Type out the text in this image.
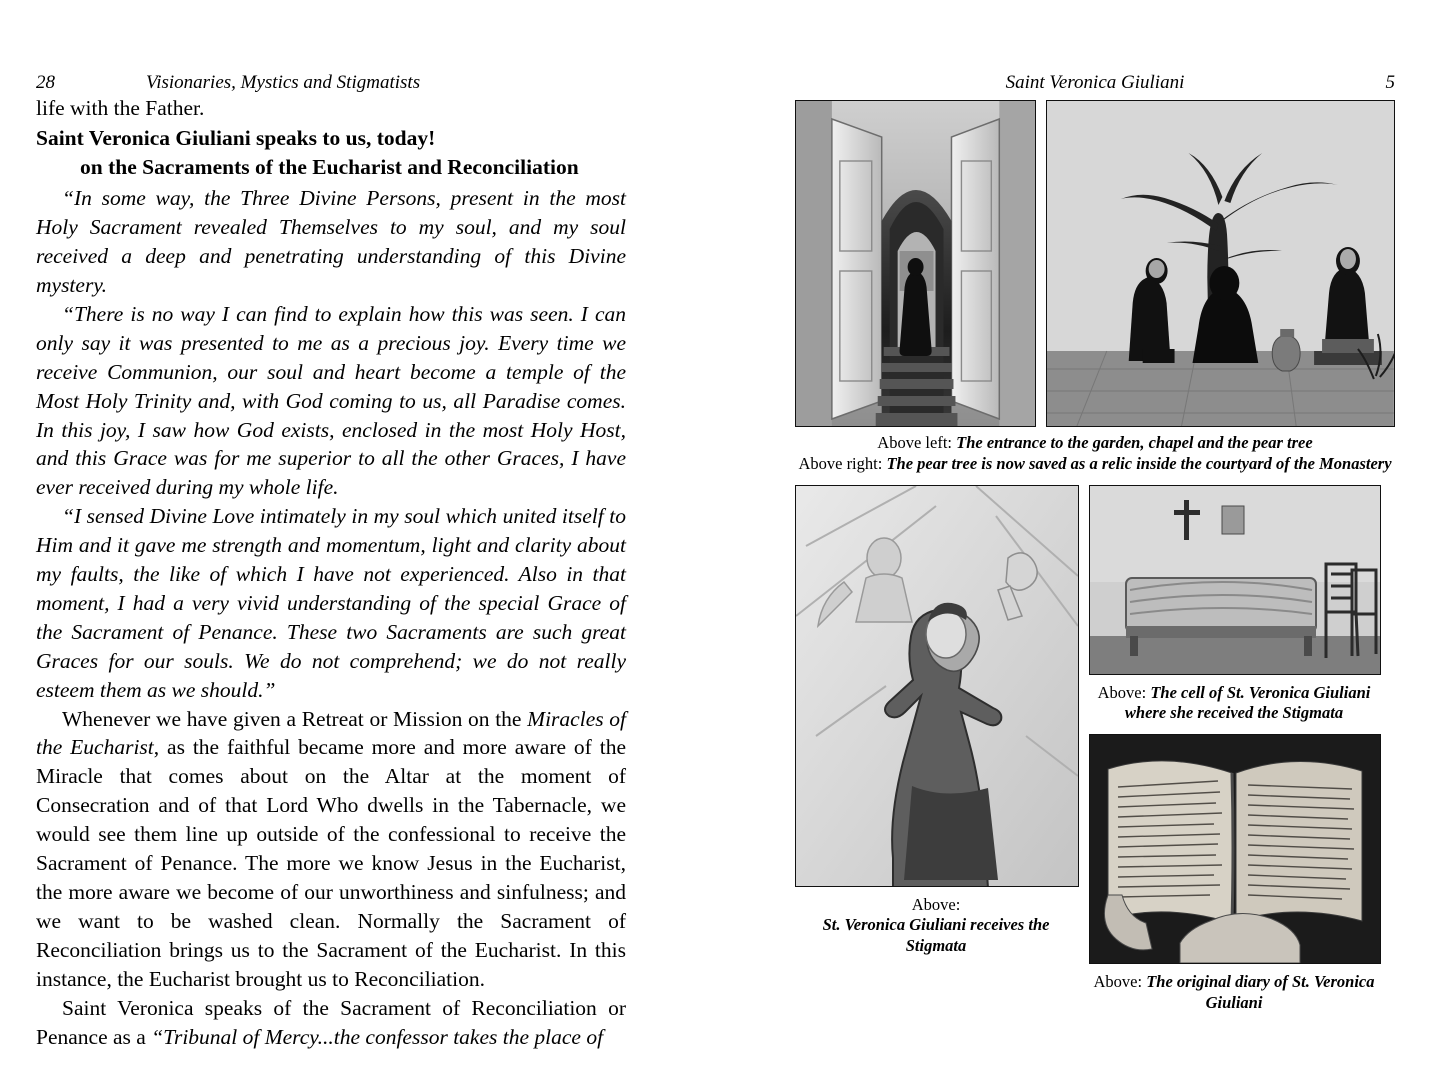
28	Visionaries, Mystics and Stigmatists
life with the Father.
Saint Veronica Giuliani speaks to us, today!
on the Sacraments of the Eucharist and Reconciliation

“In some way, the Three Divine Persons, present in the most Holy Sacrament revealed Themselves to my soul, and my soul received a deep and penetrating understanding of this Divine mystery.

“There is no way I can find to explain how this was seen. I can only say it was presented to me as a precious joy. Every time we receive Communion, our soul and heart become a temple of the Most Holy Trinity and, with God coming to us, all Paradise comes. In this joy, I saw how God exists, enclosed in the most Holy Host, and this Grace was for me superior to all the other Graces, I have ever received during my whole life.

“I sensed Divine Love intimately in my soul which united itself to Him and it gave me strength and momentum, light and clarity about my faults, the like of which I have not experienced. Also in that moment, I had a very vivid understanding of the special Grace of the Sacrament of Penance. These two Sacraments are such great Graces for our souls. We do not comprehend; we do not really esteem them as we should.”

Whenever we have given a Retreat or Mission on the Miracles of the Eucharist, as the faithful became more and more aware of the Miracle that comes about on the Altar at the moment of Consecration and of that Lord Who dwells in the Tabernacle, we would see them line up outside of the confessional to receive the Sacrament of Penance. The more we know Jesus in the Eucharist, the more aware we become of our unworthiness and sinfulness; and we want to be washed clean. Normally the Sacrament of Reconciliation brings us to the Sacrament of the Eucharist. In this instance, the Eucharist brought us to Reconciliation.

Saint Veronica speaks of the Sacrament of Reconciliation or Penance as a “Tribunal of Mercy...the confessor takes the place of

Saint Veronica Giuliani	5
Above left: The entrance to the garden, chapel and the pear tree
Above right: The pear tree is now saved as a relic inside the courtyard of the Monastery
Above:
St. Veronica Giuliani receives the Stigmata
Above: The cell of St. Veronica Giuliani where she received the Stigmata
Above: The original diary of St. Veronica Giuliani
